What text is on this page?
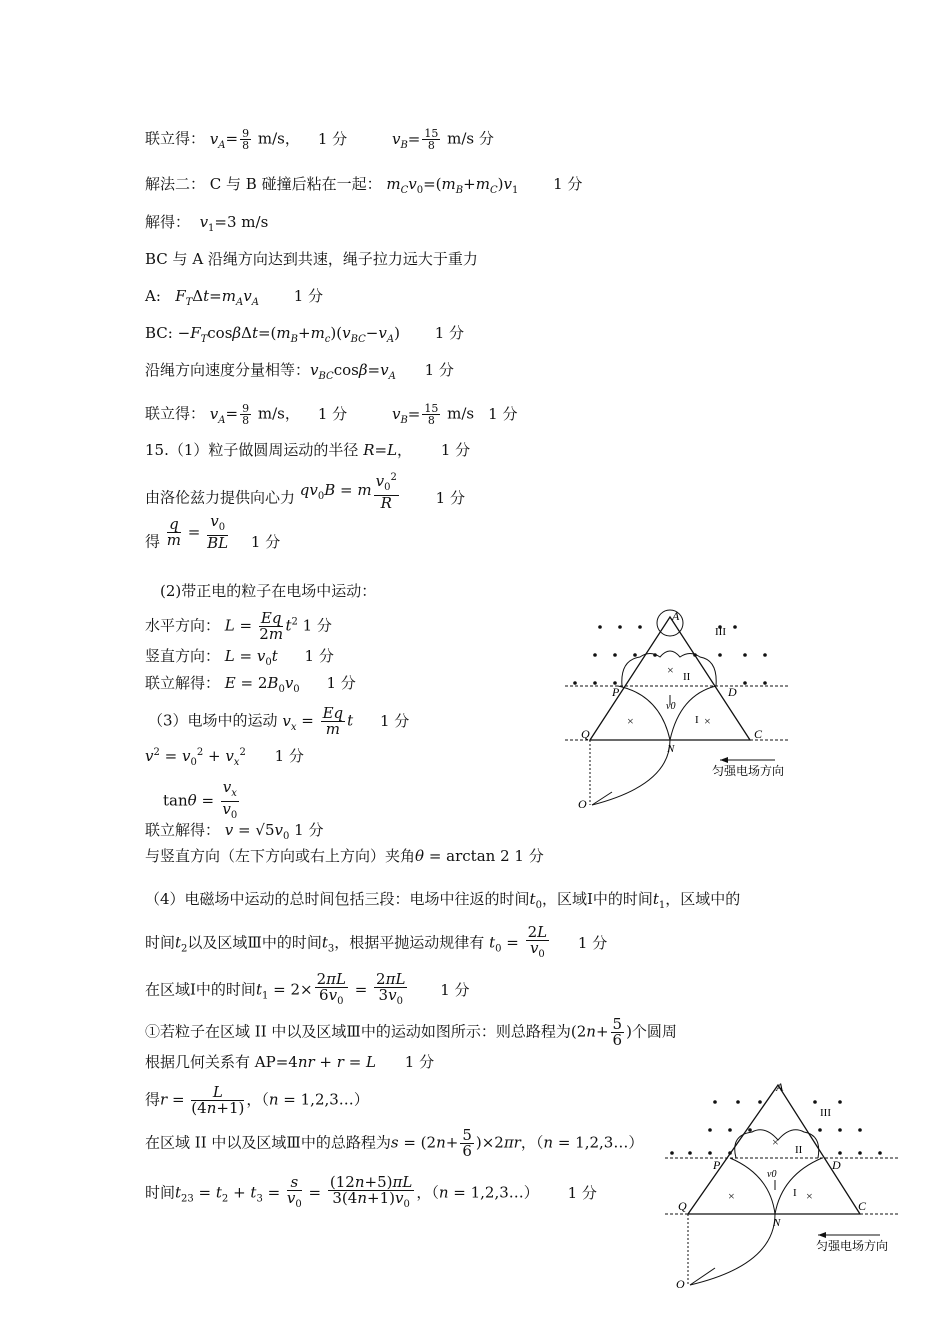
联立得： $v_A= \frac{9}{8} m/s$， 1 分	$v_B= \frac{15}{8} m/s$ 分
解法二： C 与 B 碰撞后粘在一起： $m_Cv_0=(m_B+m_C)v_1$ 1 分
解得： $v_1=3$ m/s
BC 与 A 沿绳方向达到共速，绳子拉力远大于重力
A: $F_T\Delta t=m_Av_A$ 1 分
BC: $-F_T\cos\beta\Delta t=(m_B+m_c)(v_{BC}-v_A)$ 1 分
沿绳方向速度分量相等：$v_{BC}\cos\beta=v_A$ 1 分
联立得： $v_A= \frac{9}{8} m/s$， 1 分	$v_B= \frac{15}{8} m/s$ 1 分
15.（1）粒子做圆周运动的半径 R=L， 1 分
由洛伦兹力提供向心力 $qv_0B = m \frac{v_0^2}{R} 1$ 分
得 $\frac{q}{m} = \frac{v_0}{BL} 1$ 分
(2)带正电的粒子在电场中运动：
水平方向： $L = \frac{Eq}{2m} t^2$ 1 分
竖直方向： $L = v_0t$ 1 分
联立解得： $E = 2B_0v_0$ 1 分
（3）电场中的运动 $v_x = \frac{Eq}{m}$ t 1 分
$v^2 = v_0^2 + v_x^2$ 1 分
$\tan\theta = \frac{v_x}{v_0}$
联立解得： $v = √5v_0$ 1 分
与竖直方向（左下方向或右上方向）夹角θ = arctan 2 1 分
（4）电磁场中运动的总时间包括三段：电场中往返的时间$t_0$，区域Ⅰ中的时间$t_1$，区域中的
时间$t_2$以及区域Ⅲ中的时间$t_3$，根据平抛运动规律有 $t_0 = \frac{2L}{v_0} 1$ 分
在区域Ⅰ中的时间$t_1 = 2\times \frac{2\pi L}{6v_0} = \frac{2\pi L}{3v_0} 1$ 分
①若粒子在区域 II 中以及区域Ⅲ中的运动如图所示：则总路程为($2n+ \frac{5}{6}$ )个圆周
根据几何关系有 AP=4nr + r = L 1 分
得$r = \frac{L}{(4n+1)}$ ，（n = 1,2,3…）
在区域 II 中以及区域Ⅲ中的总路程为$s = (2n+ \frac{5}{6} )\times 2\pi r$，（n = 1,2,3…）
时间$t_{23} = t_2 + t_3 = \frac{s}{v_0} = \frac{(12n+5)\pi L}{3(4n+1)v_0}$ ，（n = 1,2,3…） 1 分
A
P	D
Q	C
N
O
I
II
III
v0
×	×
×
匀强电场方向
A
P	D
Q	C
N
O
I
II
III
v0
×	×
×
匀强电场方向
